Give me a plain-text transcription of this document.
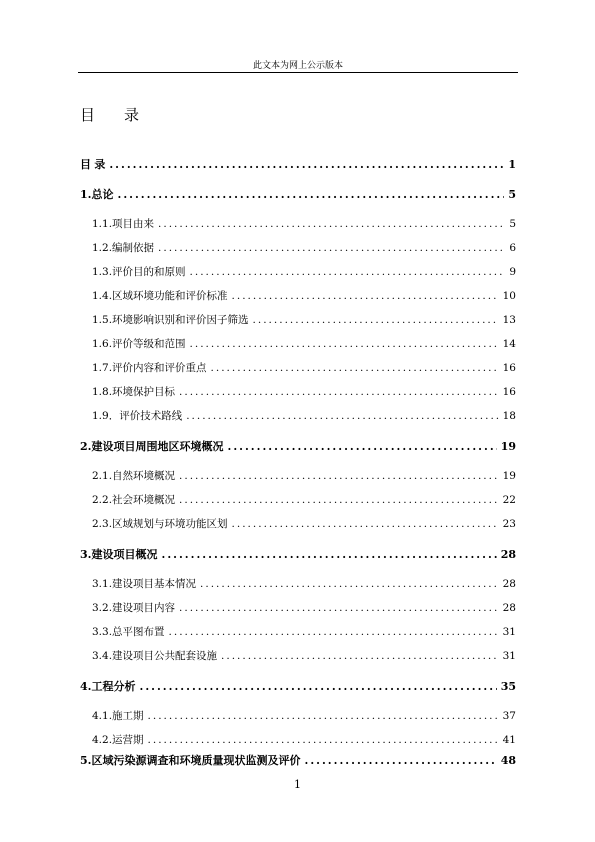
此文本为网上公示版本
目 录
目 录 .....	1
1. 总论 .....	5
1.1. 项目由来 .....	5
1.2. 编制依据 .....	6
1.3. 评价目的和原则 .....	9
1.4. 区域环境功能和评价标准 .....	10
1.5. 环境影响识别和评价因子筛选 .....	13
1.6. 评价等级和范围 .....	14
1.7. 评价内容和评价重点 .....	16
1.8. 环境保护目标 .....	16
1.9．评价技术路线 .....	18
2. 建设项目周围地区环境概况 .....	19
2.1.自然环境概况 .....	19
2.2.社会环境概况 .....	22
2.3.区域规划与环境功能区划 .....	23
3. 建设项目概况 .....	28
3.1. 建设项目基本情况 .....	28
3.2. 建设项目内容 .....	28
3.3. 总平图布置 .....	31
3.4. 建设项目公共配套设施 .....	31
4. 工程分析 .....	35
4.1. 施工期 .....	37
4.2. 运营期 .....	41
5. 区域污染源调查和环境质量现状监测及评价 .....	48
1
